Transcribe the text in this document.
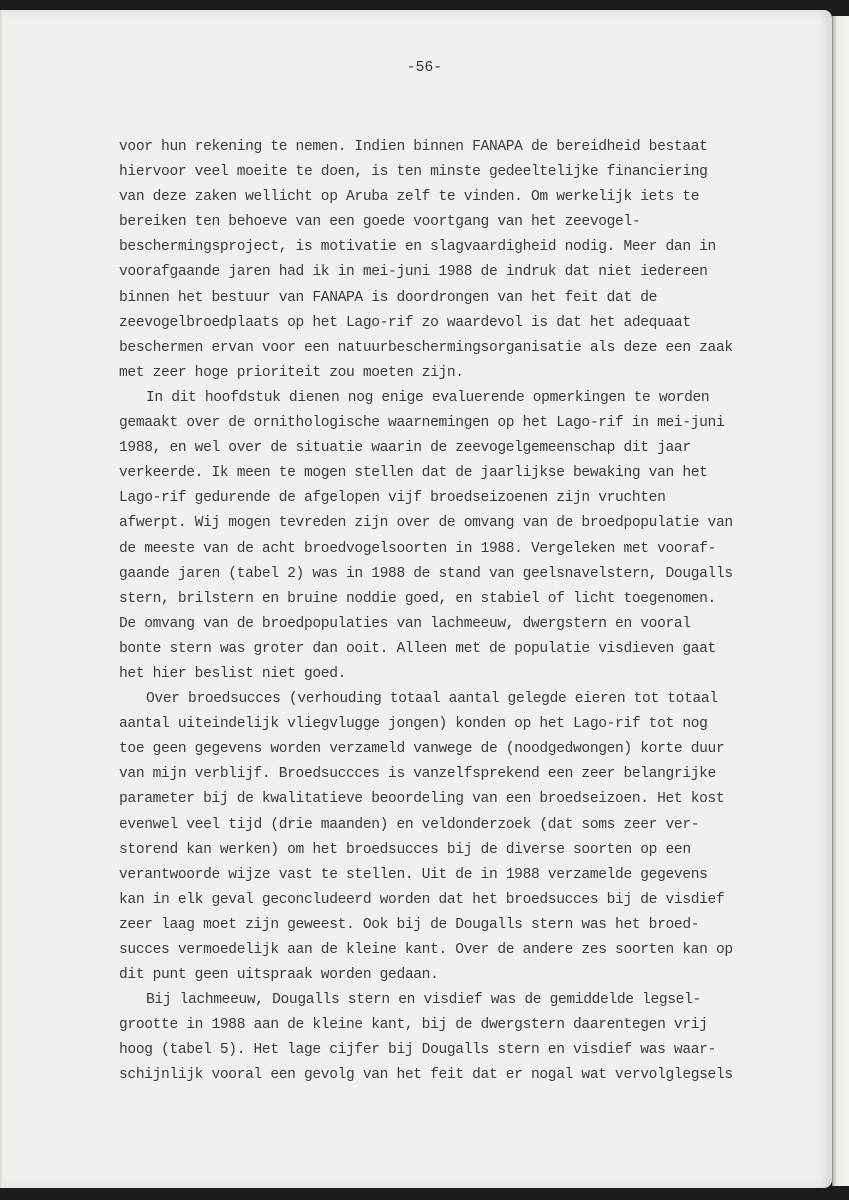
-56-
voor hun rekening te nemen. Indien binnen FANAPA de bereidheid bestaat
hiervoor veel moeite te doen, is ten minste gedeeltelijke financiering
van deze zaken wellicht op Aruba zelf te vinden. Om werkelijk iets te
bereiken ten behoeve van een goede voortgang van het zeevogel-
beschermingsproject, is motivatie en slagvaardigheid nodig. Meer dan in
voorafgaande jaren had ik in mei-juni 1988 de indruk dat niet iedereen
binnen het bestuur van FANAPA is doordrongen van het feit dat de
zeevogelbroedplaats op het Lago-rif zo waardevol is dat het adequaat
beschermen ervan voor een natuurbeschermingsorganisatie als deze een zaak
met zeer hoge prioriteit zou moeten zijn.
In dit hoofdstuk dienen nog enige evaluerende opmerkingen te worden
gemaakt over de ornithologische waarnemingen op het Lago-rif in mei-juni
1988, en wel over de situatie waarin de zeevogelgemeenschap dit jaar
verkeerde. Ik meen te mogen stellen dat de jaarlijkse bewaking van het
Lago-rif gedurende de afgelopen vijf broedseizoenen zijn vruchten
afwerpt. Wij mogen tevreden zijn over de omvang van de broedpopulatie van
de meeste van de acht broedvogelsoorten in 1988. Vergeleken met vooraf-
gaande jaren (tabel 2) was in 1988 de stand van geelsnavelstern, Dougalls
stern, brilstern en bruine noddie goed, en stabiel of licht toegenomen.
De omvang van de broedpopulaties van lachmeeuw, dwergstern en vooral
bonte stern was groter dan ooit. Alleen met de populatie visdieven gaat
het hier beslist niet goed.
Over broedsucces (verhouding totaal aantal gelegde eieren tot totaal
aantal uiteindelijk vliegvlugge jongen) konden op het Lago-rif tot nog
toe geen gegevens worden verzameld vanwege de (noodgedwongen) korte duur
van mijn verblijf. Broedsuccces is vanzelfsprekend een zeer belangrijke
parameter bij de kwalitatieve beoordeling van een broedseizoen. Het kost
evenwel veel tijd (drie maanden) en veldonderzoek (dat soms zeer ver-
storend kan werken) om het broedsucces bij de diverse soorten op een
verantwoorde wijze vast te stellen. Uit de in 1988 verzamelde gegevens
kan in elk geval geconcludeerd worden dat het broedsucces bij de visdief
zeer laag moet zijn geweest. Ook bij de Dougalls stern was het broed-
succes vermoedelijk aan de kleine kant. Over de andere zes soorten kan op
dit punt geen uitspraak worden gedaan.
Bij lachmeeuw, Dougalls stern en visdief was de gemiddelde legsel-
grootte in 1988 aan de kleine kant, bij de dwergstern daarentegen vrij
hoog (tabel 5). Het lage cijfer bij Dougalls stern en visdief was waar-
schijnlijk vooral een gevolg van het feit dat er nogal wat vervolglegsels
